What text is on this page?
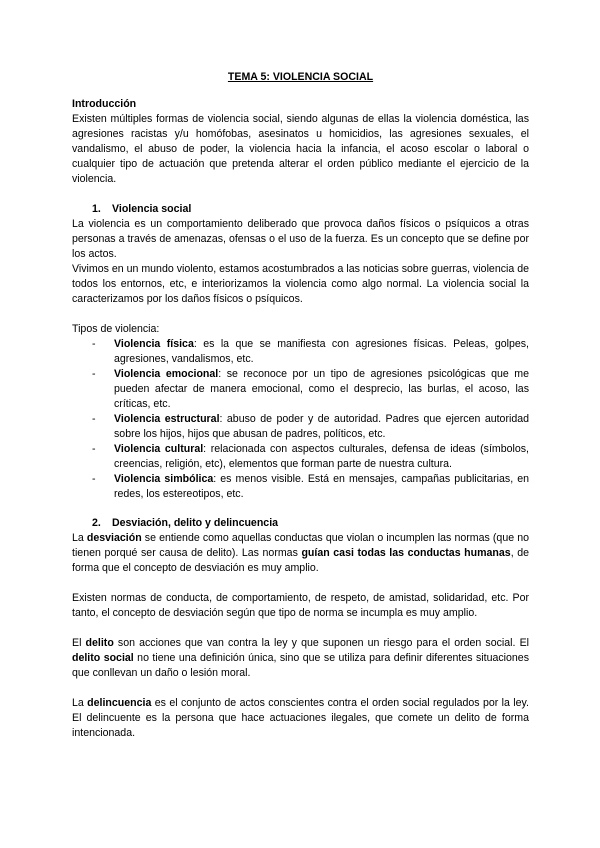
TEMA 5: VIOLENCIA SOCIAL
Introducción

Existen múltiples formas de violencia social, siendo algunas de ellas la violencia doméstica, las agresiones racistas y/u homófobas, asesinatos u homicidios, las agresiones sexuales, el vandalismo, el abuso de poder, la violencia hacia la infancia, el acoso escolar o laboral o cualquier tipo de actuación que pretenda alterar el orden público mediante el ejercicio de la violencia.

1. Violencia social

La violencia es un comportamiento deliberado que provoca daños físicos o psíquicos a otras personas a través de amenazas, ofensas o el uso de la fuerza. Es un concepto que se define por los actos.

Vivimos en un mundo violento, estamos acostumbrados a las noticias sobre guerras, violencia de todos los entornos, etc, e interiorizamos la violencia como algo normal. La violencia social la caracterizamos por los daños físicos o psíquicos.

Tipos de violencia:

- Violencia física: es la que se manifiesta con agresiones físicas. Peleas, golpes, agresiones, vandalismos, etc.
- Violencia emocional: se reconoce por un tipo de agresiones psicológicas que me pueden afectar de manera emocional, como el desprecio, las burlas, el acoso, las críticas, etc.
- Violencia estructural: abuso de poder y de autoridad. Padres que ejercen autoridad sobre los hijos, hijos que abusan de padres, políticos, etc.
- Violencia cultural: relacionada con aspectos culturales, defensa de ideas (símbolos, creencias, religión, etc), elementos que forman parte de nuestra cultura.
- Violencia simbólica: es menos visible. Está en mensajes, campañas publicitarias, en redes, los estereotipos, etc.
2. Desviación, delito y delincuencia

La desviación se entiende como aquellas conductas que violan o incumplen las normas (que no tienen porqué ser causa de delito). Las normas guían casi todas las conductas humanas, de forma que el concepto de desviación es muy amplio.

Existen normas de conducta, de comportamiento, de respeto, de amistad, solidaridad, etc. Por tanto, el concepto de desviación según que tipo de norma se incumpla es muy amplio.

El delito son acciones que van contra la ley y que suponen un riesgo para el orden social. El delito social no tiene una definición única, sino que se utiliza para definir diferentes situaciones que conllevan un daño o lesión moral.

La delincuencia es el conjunto de actos conscientes contra el orden social regulados por la ley. El delincuente es la persona que hace actuaciones ilegales, que comete un delito de forma intencionada.
